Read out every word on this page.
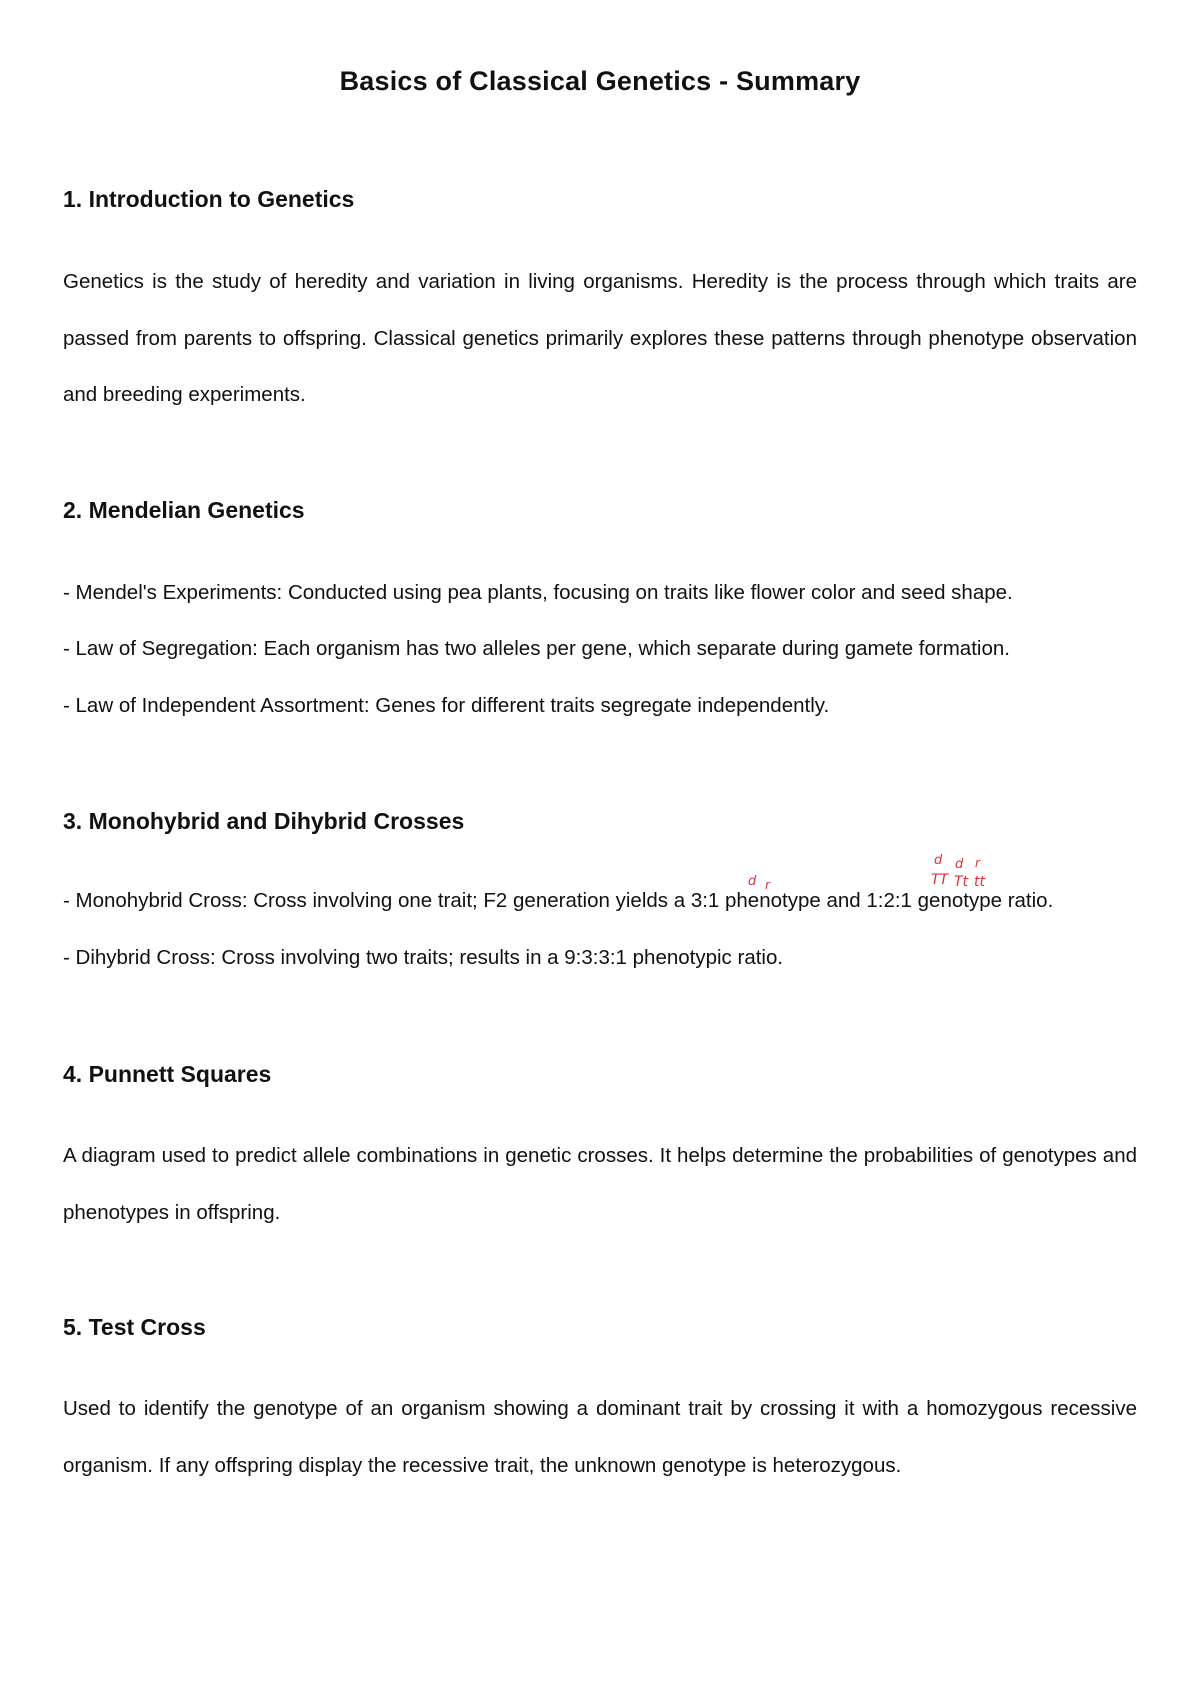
Basics of Classical Genetics - Summary
1. Introduction to Genetics

Genetics is the study of heredity and variation in living organisms. Heredity is the process through which traits are passed from parents to offspring. Classical genetics primarily explores these patterns through phenotype observation and breeding experiments.

2. Mendelian Genetics

- Mendel's Experiments: Conducted using pea plants, focusing on traits like flower color and seed shape.

- Law of Segregation: Each organism has two alleles per gene, which separate during gamete formation.

- Law of Independent Assortment: Genes for different traits segregate independently.

3. Monohybrid and Dihybrid Crosses

- Monohybrid Cross: Cross involving one trait; F2 generation yields a 3:1 phenotype and 1:2:1 genotype ratio.

- Dihybrid Cross: Cross involving two traits; results in a 9:3:3:1 phenotypic ratio.

4. Punnett Squares

A diagram used to predict allele combinations in genetic crosses. It helps determine the probabilities of genotypes and phenotypes in offspring.

5. Test Cross

Used to identify the genotype of an organism showing a dominant trait by crossing it with a homozygous recessive organism. If any offspring display the recessive trait, the unknown genotype is heterozygous.

d r
d d r
TT Tt tt
